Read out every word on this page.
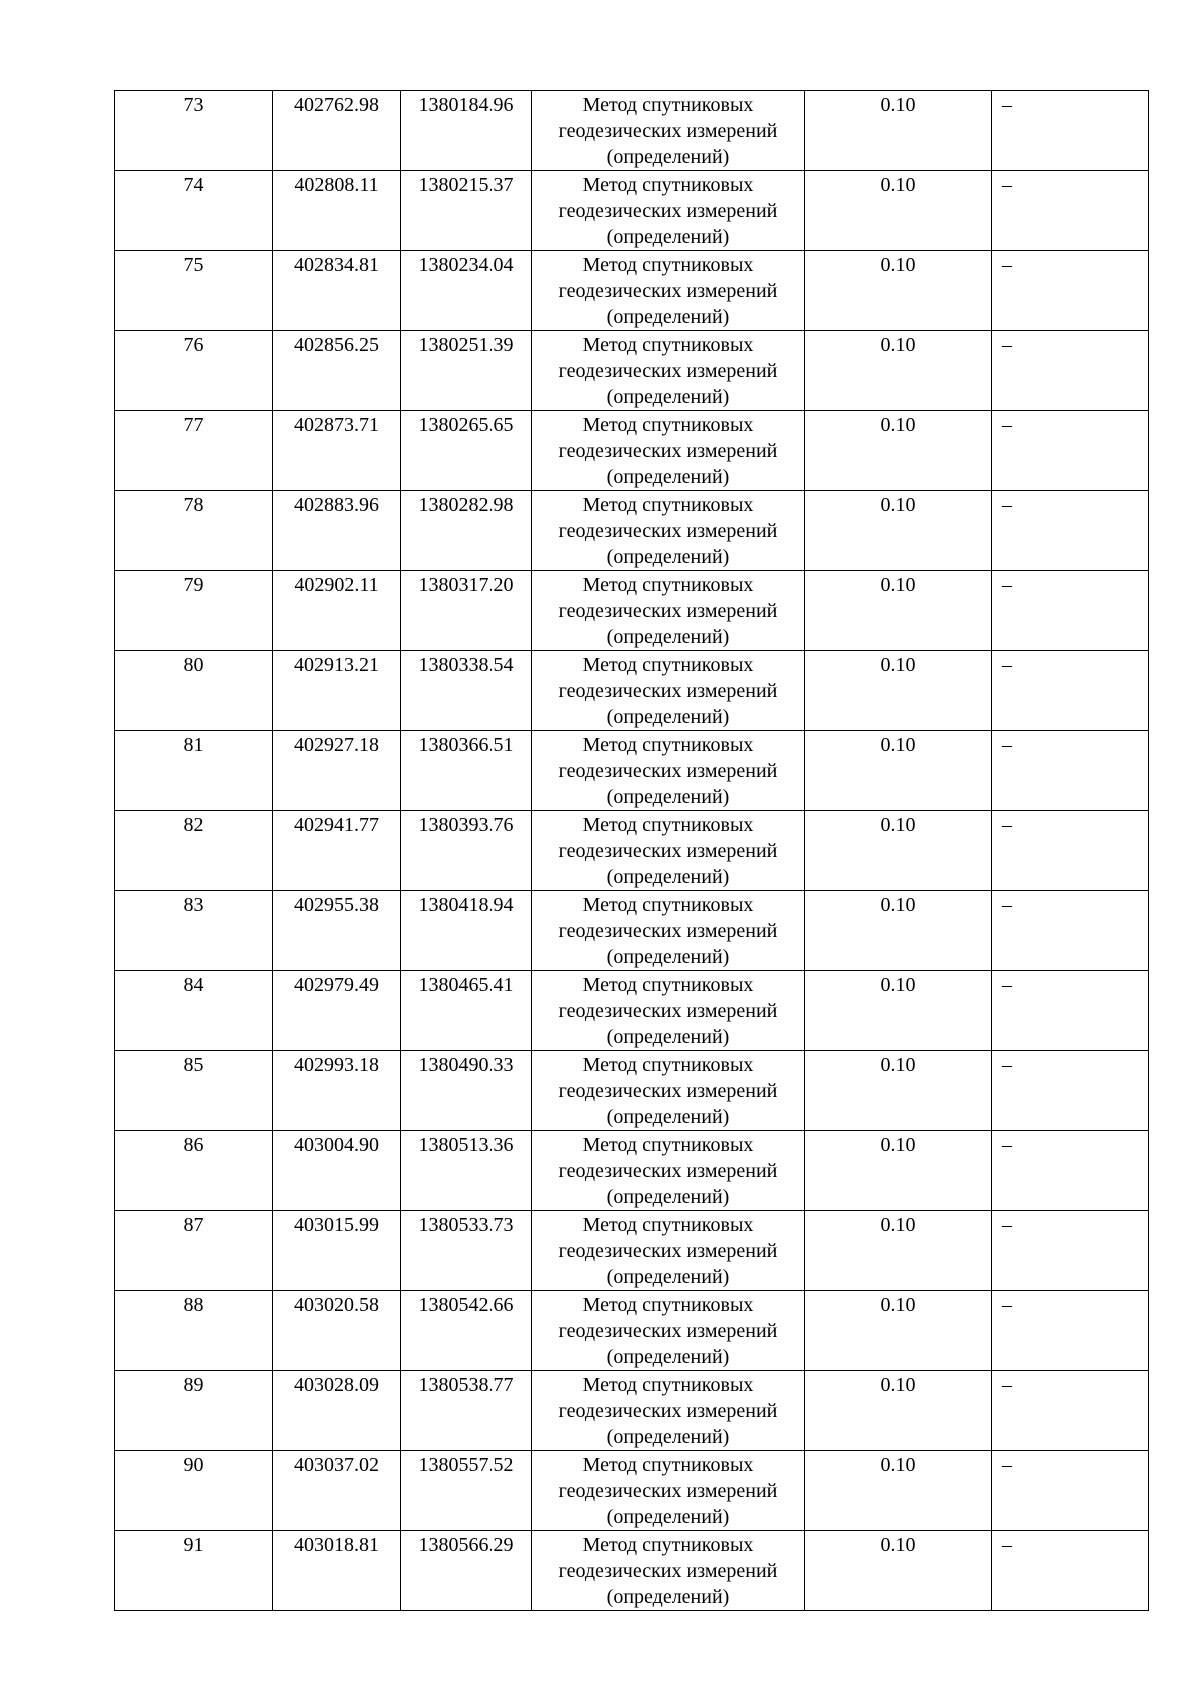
73	402762.98	1380184.96	Метод спутниковых
геодезических измерений
(определений)	0.10	–
74	402808.11	1380215.37	Метод спутниковых
геодезических измерений
(определений)	0.10	–
75	402834.81	1380234.04	Метод спутниковых
геодезических измерений
(определений)	0.10	–
76	402856.25	1380251.39	Метод спутниковых
геодезических измерений
(определений)	0.10	–
77	402873.71	1380265.65	Метод спутниковых
геодезических измерений
(определений)	0.10	–
78	402883.96	1380282.98	Метод спутниковых
геодезических измерений
(определений)	0.10	–
79	402902.11	1380317.20	Метод спутниковых
геодезических измерений
(определений)	0.10	–
80	402913.21	1380338.54	Метод спутниковых
геодезических измерений
(определений)	0.10	–
81	402927.18	1380366.51	Метод спутниковых
геодезических измерений
(определений)	0.10	–
82	402941.77	1380393.76	Метод спутниковых
геодезических измерений
(определений)	0.10	–
83	402955.38	1380418.94	Метод спутниковых
геодезических измерений
(определений)	0.10	–
84	402979.49	1380465.41	Метод спутниковых
геодезических измерений
(определений)	0.10	–
85	402993.18	1380490.33	Метод спутниковых
геодезических измерений
(определений)	0.10	–
86	403004.90	1380513.36	Метод спутниковых
геодезических измерений
(определений)	0.10	–
87	403015.99	1380533.73	Метод спутниковых
геодезических измерений
(определений)	0.10	–
88	403020.58	1380542.66	Метод спутниковых
геодезических измерений
(определений)	0.10	–
89	403028.09	1380538.77	Метод спутниковых
геодезических измерений
(определений)	0.10	–
90	403037.02	1380557.52	Метод спутниковых
геодезических измерений
(определений)	0.10	–
91	403018.81	1380566.29	Метод спутниковых
геодезических измерений
(определений)	0.10	–
